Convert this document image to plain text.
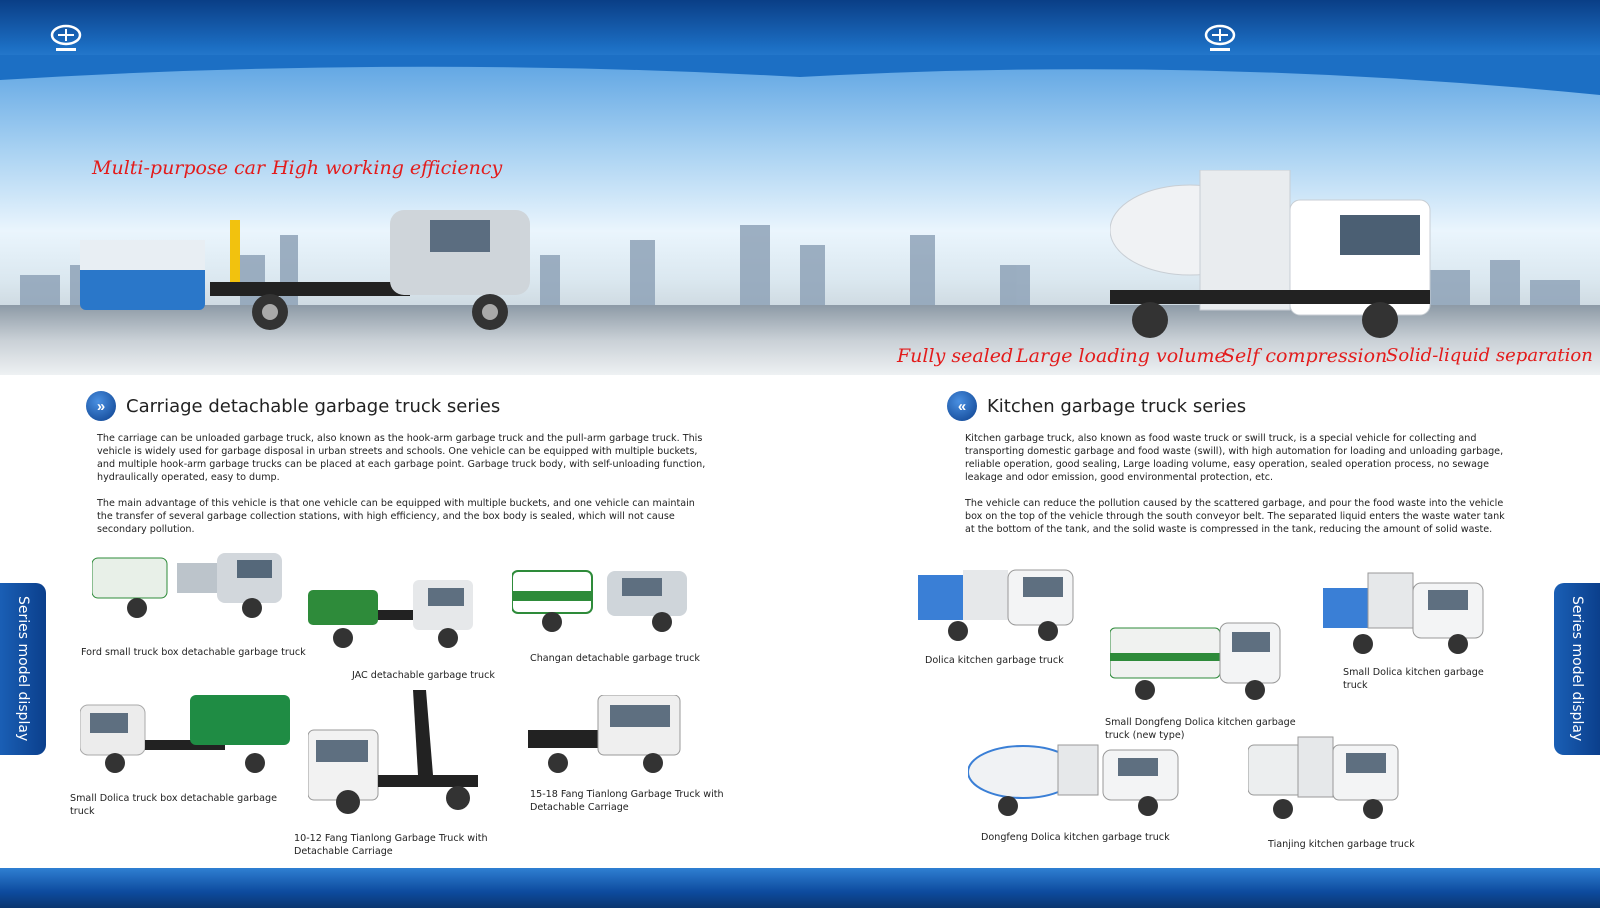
Multi-purpose car High working efficiency
Fully sealed Large loading volume
Self compression
Solid-liquid separation
»	Carriage detachable garbage truck series
The carriage can be unloaded garbage truck, also known as the hook-arm garbage truck and the pull-arm garbage truck. This vehicle is widely used for garbage disposal in urban streets and schools. One vehicle can be equipped with multiple buckets, and multiple hook-arm garbage trucks can be placed at each garbage point. Garbage truck body, with self-unloading function, hydraulically operated, easy to dump.
The main advantage of this vehicle is that one vehicle can be equipped with multiple buckets, and one vehicle can maintain the transfer of several garbage collection stations, with high efficiency, and the box body is sealed, which will not cause secondary pollution.
Ford small truck box detachable garbage truck
JAC detachable garbage truck
Changan detachable garbage truck
Small Dolica truck box detachable garbage truck
10-12 Fang Tianlong Garbage Truck with Detachable Carriage
15-18 Fang Tianlong Garbage Truck with Detachable Carriage
«	Kitchen garbage truck series
Kitchen garbage truck, also known as food waste truck or swill truck, is a special vehicle for collecting and transporting domestic garbage and food waste (swill), with high automation for loading and unloading garbage, reliable operation, good sealing, Large loading volume, easy operation, sealed operation process, no sewage leakage and odor emission, good environmental protection, etc.
The vehicle can reduce the pollution caused by the scattered garbage, and pour the food waste into the vehicle box on the top of the vehicle through the south conveyor belt. The separated liquid enters the waste water tank at the bottom of the tank, and the solid waste is compressed in the tank, reducing the amount of solid waste.
Dolica kitchen garbage truck
Small Dongfeng Dolica kitchen garbage truck (new type)
Small Dolica kitchen garbage truck
Dongfeng Dolica kitchen garbage truck
Tianjing kitchen garbage truck
Series model display	Series model display
